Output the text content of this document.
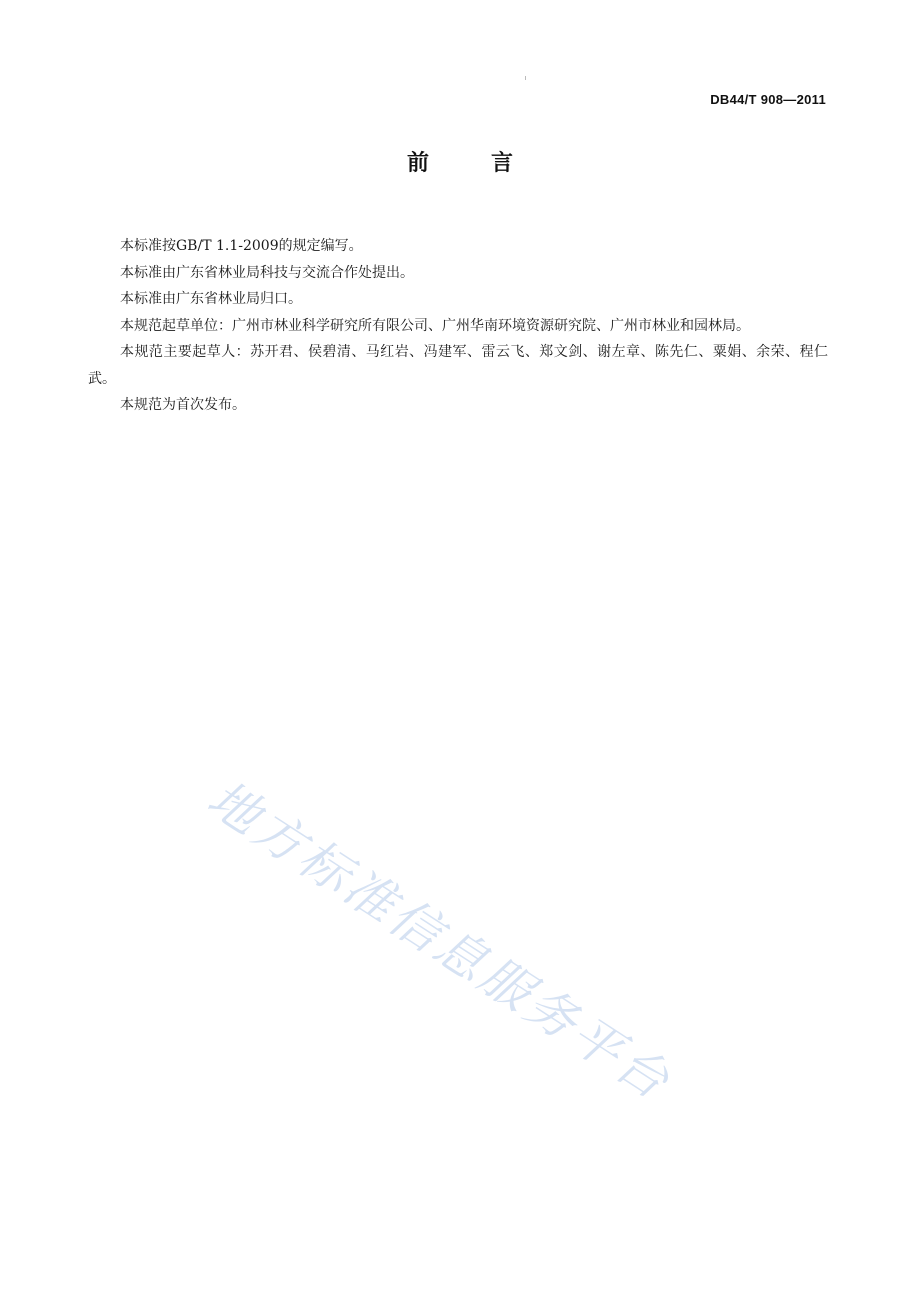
DB44/T 908—2011
前	言

本标准按GB/T 1.1-2009的规定编写。

本标准由广东省林业局科技与交流合作处提出。

本标准由广东省林业局归口。

本规范起草单位：广州市林业科学研究所有限公司、广州华南环境资源研究院、广州市林业和园林局。

本规范主要起草人：苏开君、侯碧清、马红岩、冯建军、雷云飞、郑文剑、谢左章、陈先仁、粟娟、余荣、程仁武。

本规范为首次发布。

地方标准信息服务平台
